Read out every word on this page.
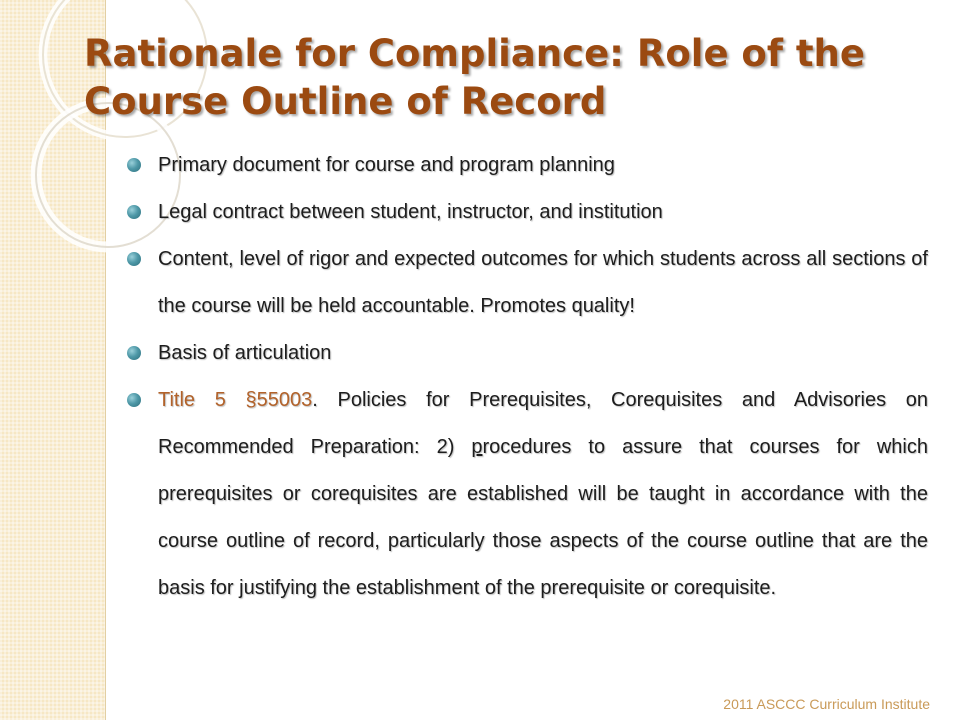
Rationale for Compliance: Role of the Course Outline of Record
Primary document for course and program planning
Legal contract between student, instructor, and institution
Content, level of rigor and expected outcomes for which students across all sections of the course will be held accountable. Promotes quality!
Basis of articulation
Title 5 §55003. Policies for Prerequisites, Corequisites and Advisories on Recommended Preparation: 2) procedures to assure that courses for which prerequisites or corequisites are established will be taught in accordance with the course outline of record, particularly those aspects of the course outline that are the basis for justifying the establishment of the prerequisite or corequisite.
2011 ASCCC Curriculum Institute
